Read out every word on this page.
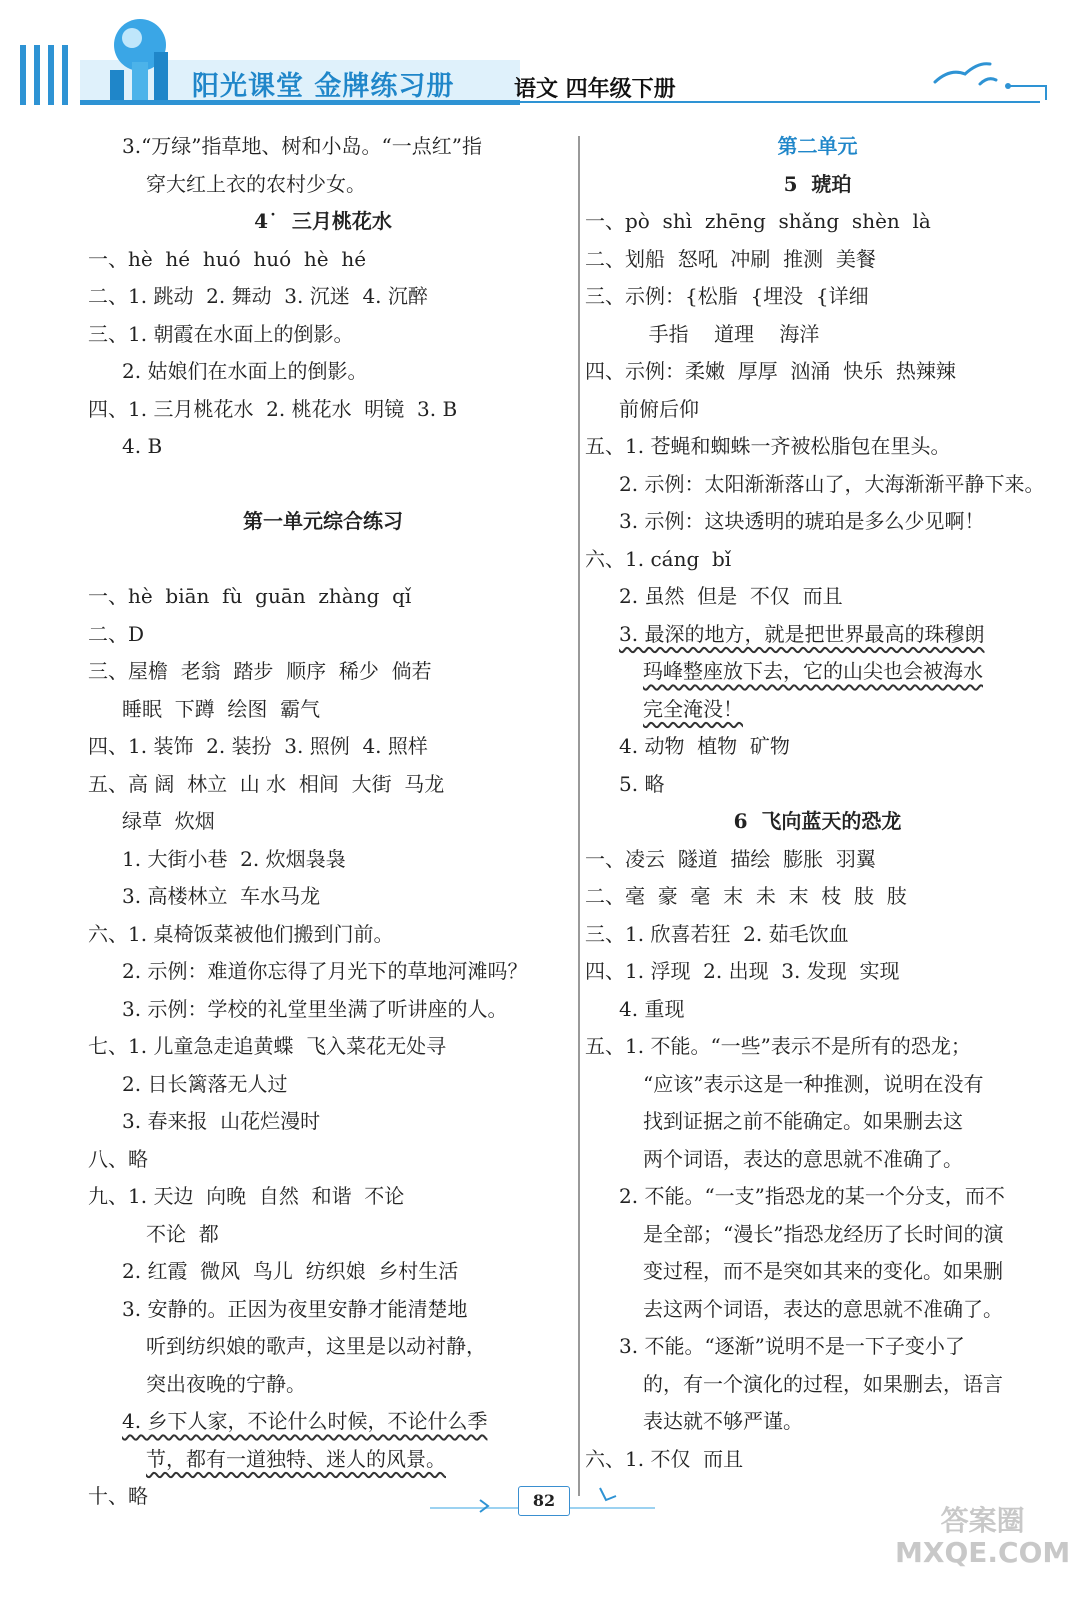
阳光课堂 金牌练习册	语文 四年级下册
3.“万绿”指草地、树和小岛。“一点红”指
穿大红上衣的农村少女。
4˙  三月桃花水
一、hè  hé  huó  huó  hè  hé
二、1. 跳动  2. 舞动  3. 沉迷  4. 沉醉
三、1. 朝霞在水面上的倒影。
2. 姑娘们在水面上的倒影。
四、1. 三月桃花水  2. 桃花水  明镜  3. B
4. B
第一单元综合练习
一、hè  biān  fù  guān  zhàng  qǐ
二、D
三、屋檐  老翁  踏步  顺序  稀少  倘若
睡眠  下蹲  绘图  霸气
四、1. 装饰  2. 装扮  3. 照例  4. 照样
五、高 阔  林立  山 水  相间  大街  马龙
绿草  炊烟
1. 大街小巷  2. 炊烟袅袅
3. 高楼林立  车水马龙
六、1. 桌椅饭菜被他们搬到门前。
2. 示例：难道你忘得了月光下的草地河滩吗？
3. 示例：学校的礼堂里坐满了听讲座的人。
七、1. 儿童急走追黄蝶  飞入菜花无处寻
2. 日长篱落无人过
3. 春来报  山花烂漫时
八、略
九、1. 天边  向晚  自然  和谐  不论
不论  都
2. 红霞  微风  鸟儿  纺织娘  乡村生活
3. 安静的。正因为夜里安静才能清楚地
听到纺织娘的歌声，这里是以动衬静，
突出夜晚的宁静。
4. 乡下人家，不论什么时候，不论什么季
节，都有一道独特、迷人的风景。
十、略
第二单元
5  琥珀
一、pò  shì  zhēng  shǎng  shèn  là
二、划船  怒吼  冲刷  推测  美餐
三、示例：{松脂  {埋没  {详细
手指    道理    海洋
四、示例：柔嫩  厚厚  汹涌  快乐  热辣辣
前俯后仰
五、1. 苍蝇和蜘蛛一齐被松脂包在里头。
2. 示例：太阳渐渐落山了，大海渐渐平静下来。
3. 示例：这块透明的琥珀是多么少见啊！
六、1. cáng  bǐ
2. 虽然  但是  不仅  而且
3. 最深的地方，就是把世界最高的珠穆朗
玛峰整座放下去，它的山尖也会被海水
完全淹没！
4. 动物  植物  矿物
5. 略
6  飞向蓝天的恐龙
一、凌云  隧道  描绘  膨胀  羽翼
二、毫  豪  毫  末  未  末  枝  肢  肢
三、1. 欣喜若狂  2. 茹毛饮血
四、1. 浮现  2. 出现  3. 发现  实现
4. 重现
五、1. 不能。“一些”表示不是所有的恐龙；
“应该”表示这是一种推测，说明在没有
找到证据之前不能确定。如果删去这
两个词语，表达的意思就不准确了。
2. 不能。“一支”指恐龙的某一个分支，而不
是全部；“漫长”指恐龙经历了长时间的演
变过程，而不是突如其来的变化。如果删
去这两个词语，表达的意思就不准确了。
3. 不能。“逐渐”说明不是一下子变小了
的，有一个演化的过程，如果删去，语言
表达就不够严谨。
六、1. 不仅  而且
82
答案圈
MXQE.COM
